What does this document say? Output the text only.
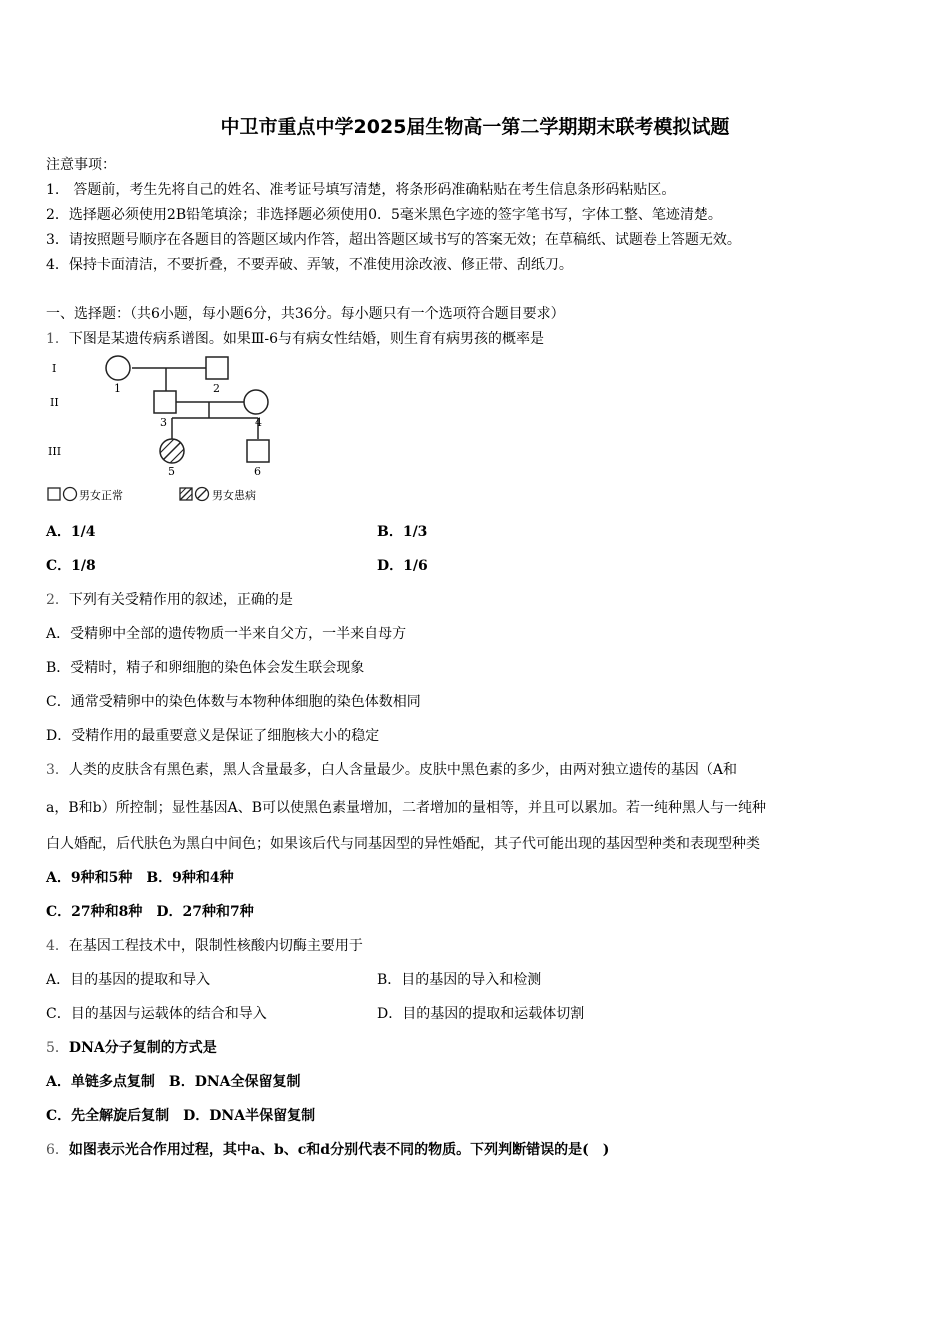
中卫市重点中学2025届生物高一第二学期期末联考模拟试题
注意事项：
1.　答题前，考生先将自己的姓名、准考证号填写清楚，将条形码准确粘贴在考生信息条形码粘贴区。
2．选择题必须使用2B铅笔填涂；非选择题必须使用0．5毫米黑色字迹的签字笔书写，字体工整、笔迹清楚。
3．请按照题号顺序在各题目的答题区域内作答，超出答题区域书写的答案无效；在草稿纸、试题卷上答题无效。
4．保持卡面清洁，不要折叠，不要弄破、弄皱，不准使用涂改液、修正带、刮纸刀。
一、选择题：（共6小题，每小题6分，共36分。每小题只有一个选项符合题目要求）
1．下图是某遗传病系谱图。如果Ⅲ-6与有病女性结婚，则生育有病男孩的概率是
I
II
III
1	2
3	4
5	6
男女正常	男女患病
A．1/4	B．1/3
C．1/8	D．1/6
2．下列有关受精作用的叙述，正确的是
A．受精卵中全部的遗传物质一半来自父方，一半来自母方
B．受精时，精子和卵细胞的染色体会发生联会现象
C．通常受精卵中的染色体数与本物种体细胞的染色体数相同
D．受精作用的最重要意义是保证了细胞核大小的稳定
3．人类的皮肤含有黑色素，黑人含量最多，白人含量最少。皮肤中黑色素的多少，由两对独立遗传的基因（A和
a，B和b）所控制；显性基因A、B可以使黑色素量增加，二者增加的量相等，并且可以累加。若一纯种黑人与一纯种
白人婚配，后代肤色为黑白中间色；如果该后代与同基因型的异性婚配，其子代可能出现的基因型种类和表现型种类
A．9种和5种　B．9种和4种
C．27种和8种　D．27种和7种
4．在基因工程技术中，限制性核酸内切酶主要用于
A．目的基因的提取和导入	B．目的基因的导入和检测
C．目的基因与运载体的结合和导入	D．目的基因的提取和运载体切割
5．DNA分子复制的方式是
A．单链多点复制　B．DNA全保留复制
C．先全解旋后复制　D．DNA半保留复制
6．如图表示光合作用过程，其中a、b、c和d分别代表不同的物质。下列判断错误的是(　)
